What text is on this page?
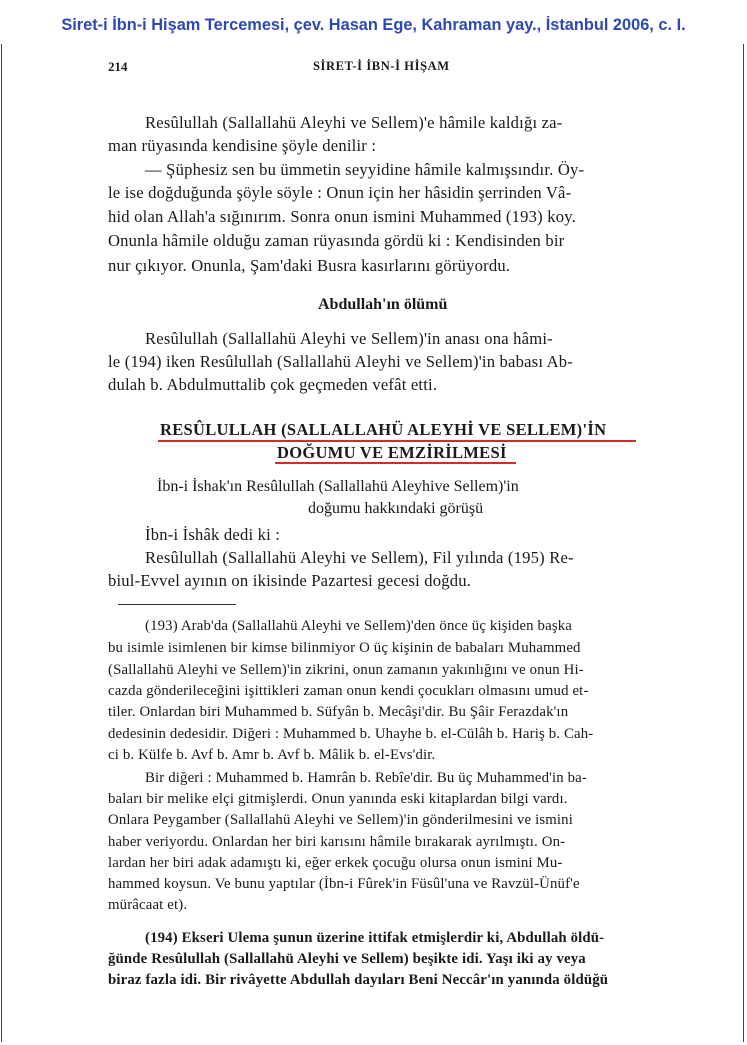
Siret-i İbn-i Hişam Tercemesi, çev. Hasan Ege, Kahraman yay., İstanbul 2006, c. I.
214	SİRET-İ İBN-İ HİŞAM
Resûlullah (Sallallahü Aleyhi ve Sellem)'e hâmile kaldığı za-
man rüyasında kendisine şöyle denilir :
— Şüphesiz sen bu ümmetin seyyidine hâmile kalmışsındır. Öy-
le ise doğduğunda şöyle söyle : Onun için her hâsidin şerrinden Vâ-
hid olan Allah'a sığınırım. Sonra onun ismini Muhammed (193) koy.
Onunla hâmile olduğu zaman rüyasında gördü ki : Kendisinden bir
nur çıkıyor. Onunla, Şam'daki Busra kasırlarını görüyordu.
Abdullah'ın ölümü
Resûlullah (Sallallahü Aleyhi ve Sellem)'in anası ona hâmi-
le (194) iken Resûlullah (Sallallahü Aleyhi ve Sellem)'in babası Ab-
dulah b. Abdulmuttalib çok geçmeden vefât etti.
RESÛLULLAH (SALLALLAHÜ ALEYHİ VE SELLEM)'İN
DOĞUMU VE EMZİRİLMESİ
İbn-i İshak'ın Resûlullah (Sallallahü Aleyhive Sellem)'in
doğumu hakkındaki görüşü
İbn-i İshâk dedi ki :
Resûlullah (Sallallahü Aleyhi ve Sellem), Fil yılında (195) Re-
biul-Evvel ayının on ikisinde Pazartesi gecesi doğdu.
(193) Arab'da (Sallallahü Aleyhi ve Sellem)'den önce üç kişiden başka
bu isimle isimlenen bir kimse bilinmiyor O üç kişinin de babaları Muhammed
(Sallallahü Aleyhi ve Sellem)'in zikrini, onun zamanın yakınlığını ve onun Hi-
cazda gönderileceğini işittikleri zaman onun kendi çocukları olmasını umud et-
tiler. Onlardan biri Muhammed b. Süfyân b. Mecâşi'dir. Bu Şâir Ferazdak'ın
dedesinin dedesidir. Diğeri : Muhammed b. Uhayhe b. el-Cülâh b. Hariş b. Cah-
ci b. Külfe b. Avf b. Amr b. Avf b. Mâlik b. el-Evs'dir.
Bir diğeri : Muhammed b. Hamrân b. Rebîe'dir. Bu üç Muhammed'in ba-
baları bir melike elçi gitmişlerdi. Onun yanında eski kitaplardan bilgi vardı.
Onlara Peygamber (Sallallahü Aleyhi ve Sellem)'in gönderilmesini ve ismini
haber veriyordu. Onlardan her biri karısını hâmile bırakarak ayrılmıştı. On-
lardan her biri adak adamıştı ki, eğer erkek çocuğu olursa onun ismini Mu-
hammed koysun. Ve bunu yaptılar (İbn-i Fûrek'in Füsûl'una ve Ravzül-Ünüf'e
mürâcaat et).
(194) Ekseri Ulema şunun üzerine ittifak etmişlerdir ki, Abdullah öldü-
ğünde Resûlullah (Sallallahü Aleyhi ve Sellem) beşikte idi. Yaşı iki ay veya
biraz fazla idi. Bir rivâyette Abdullah dayıları Beni Neccâr'ın yanında öldüğü
